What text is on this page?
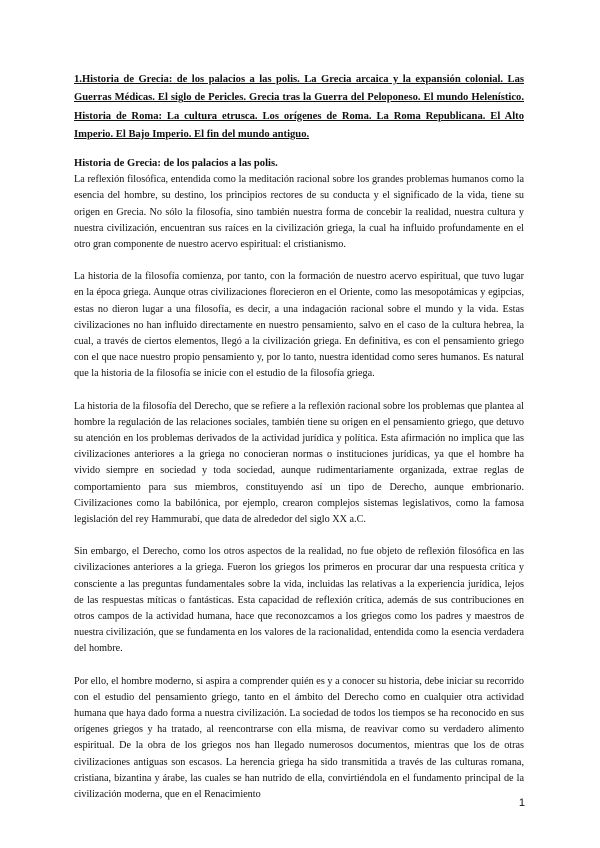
1.Historia de Grecia: de los palacios a las polis. La Grecia arcaica y la expansión colonial. Las Guerras Médicas. El siglo de Pericles. Grecia tras la Guerra del Peloponeso. El mundo Helenístico. Historia de Roma: La cultura etrusca. Los orígenes de Roma. La Roma Republicana. El Alto Imperio. El Bajo Imperio. El fin del mundo antiguo.

Historia de Grecia: de los palacios a las polis.

La reflexión filosófica, entendida como la meditación racional sobre los grandes problemas humanos como la esencia del hombre, su destino, los principios rectores de su conducta y el significado de la vida, tiene su origen en Grecia. No sólo la filosofía, sino también nuestra forma de concebir la realidad, nuestra cultura y nuestra civilización, encuentran sus raíces en la civilización griega, la cual ha influido profundamente en el otro gran componente de nuestro acervo espiritual: el cristianismo.

La historia de la filosofía comienza, por tanto, con la formación de nuestro acervo espiritual, que tuvo lugar en la época griega. Aunque otras civilizaciones florecieron en el Oriente, como las mesopotámicas y egipcias, estas no dieron lugar a una filosofía, es decir, a una indagación racional sobre el mundo y la vida. Estas civilizaciones no han influido directamente en nuestro pensamiento, salvo en el caso de la cultura hebrea, la cual, a través de ciertos elementos, llegó a la civilización griega. En definitiva, es con el pensamiento griego con el que nace nuestro propio pensamiento y, por lo tanto, nuestra identidad como seres humanos. Es natural que la historia de la filosofía se inicie con el estudio de la filosofía griega.

La historia de la filosofía del Derecho, que se refiere a la reflexión racional sobre los problemas que plantea al hombre la regulación de las relaciones sociales, también tiene su origen en el pensamiento griego, que detuvo su atención en los problemas derivados de la actividad jurídica y política. Esta afirmación no implica que las civilizaciones anteriores a la griega no conocieran normas o instituciones jurídicas, ya que el hombre ha vivido siempre en sociedad y toda sociedad, aunque rudimentariamente organizada, extrae reglas de comportamiento para sus miembros, constituyendo así un tipo de Derecho, aunque embrionario. Civilizaciones como la babilónica, por ejemplo, crearon complejos sistemas legislativos, como la famosa legislación del rey Hammurabí, que data de alrededor del siglo XX a.C.

Sin embargo, el Derecho, como los otros aspectos de la realidad, no fue objeto de reflexión filosófica en las civilizaciones anteriores a la griega. Fueron los griegos los primeros en procurar dar una respuesta crítica y consciente a las preguntas fundamentales sobre la vida, incluidas las relativas a la experiencia jurídica, lejos de las respuestas míticas o fantásticas. Esta capacidad de reflexión crítica, además de sus contribuciones en otros campos de la actividad humana, hace que reconozcamos a los griegos como los padres y maestros de nuestra civilización, que se fundamenta en los valores de la racionalidad, entendida como la esencia verdadera del hombre.

Por ello, el hombre moderno, si aspira a comprender quién es y a conocer su historia, debe iniciar su recorrido con el estudio del pensamiento griego, tanto en el ámbito del Derecho como en cualquier otra actividad humana que haya dado forma a nuestra civilización. La sociedad de todos los tiempos se ha reconocido en sus orígenes griegos y ha tratado, al reencontrarse con ella misma, de reavivar como su verdadero alimento espiritual. De la obra de los griegos nos han llegado numerosos documentos, mientras que los de otras civilizaciones antiguas son escasos. La herencia griega ha sido transmitida a través de las culturas romana, cristiana, bizantina y árabe, las cuales se han nutrido de ella, convirtiéndola en el fundamento principal de la civilización moderna, que en el Renacimiento

1
